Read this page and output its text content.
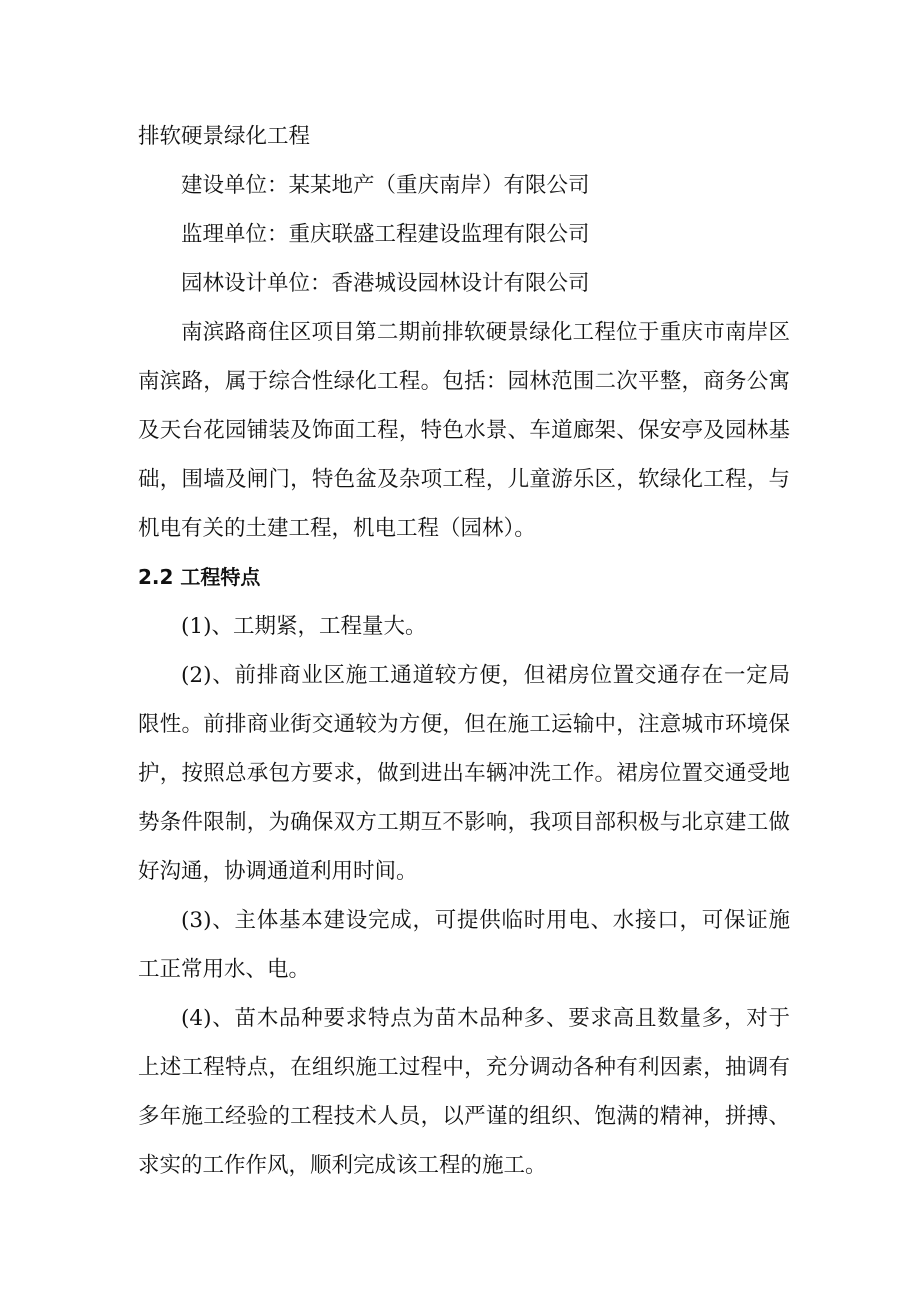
排软硬景绿化工程

建设单位：某某地产（重庆南岸）有限公司

监理单位：重庆联盛工程建设监理有限公司

园林设计单位：香港城设园林设计有限公司

南滨路商住区项目第二期前排软硬景绿化工程位于重庆市南岸区南滨路，属于综合性绿化工程。包括：园林范围二次平整，商务公寓及天台花园铺装及饰面工程，特色水景、车道廊架、保安亭及园林基础，围墙及闸门，特色盆及杂项工程，儿童游乐区，软绿化工程，与机电有关的土建工程，机电工程（园林）。

2.2 工程特点

(1)、工期紧，工程量大。

(2)、前排商业区施工通道较方便，但裙房位置交通存在一定局限性。前排商业街交通较为方便，但在施工运输中，注意城市环境保护，按照总承包方要求，做到进出车辆冲洗工作。裙房位置交通受地势条件限制，为确保双方工期互不影响，我项目部积极与北京建工做好沟通，协调通道利用时间。

(3)、主体基本建设完成，可提供临时用电、水接口，可保证施工正常用水、电。

(4)、苗木品种要求特点为苗木品种多、要求高且数量多，对于上述工程特点，在组织施工过程中，充分调动各种有利因素，抽调有多年施工经验的工程技术人员，以严谨的组织、饱满的精神，拼搏、求实的工作作风，顺利完成该工程的施工。
